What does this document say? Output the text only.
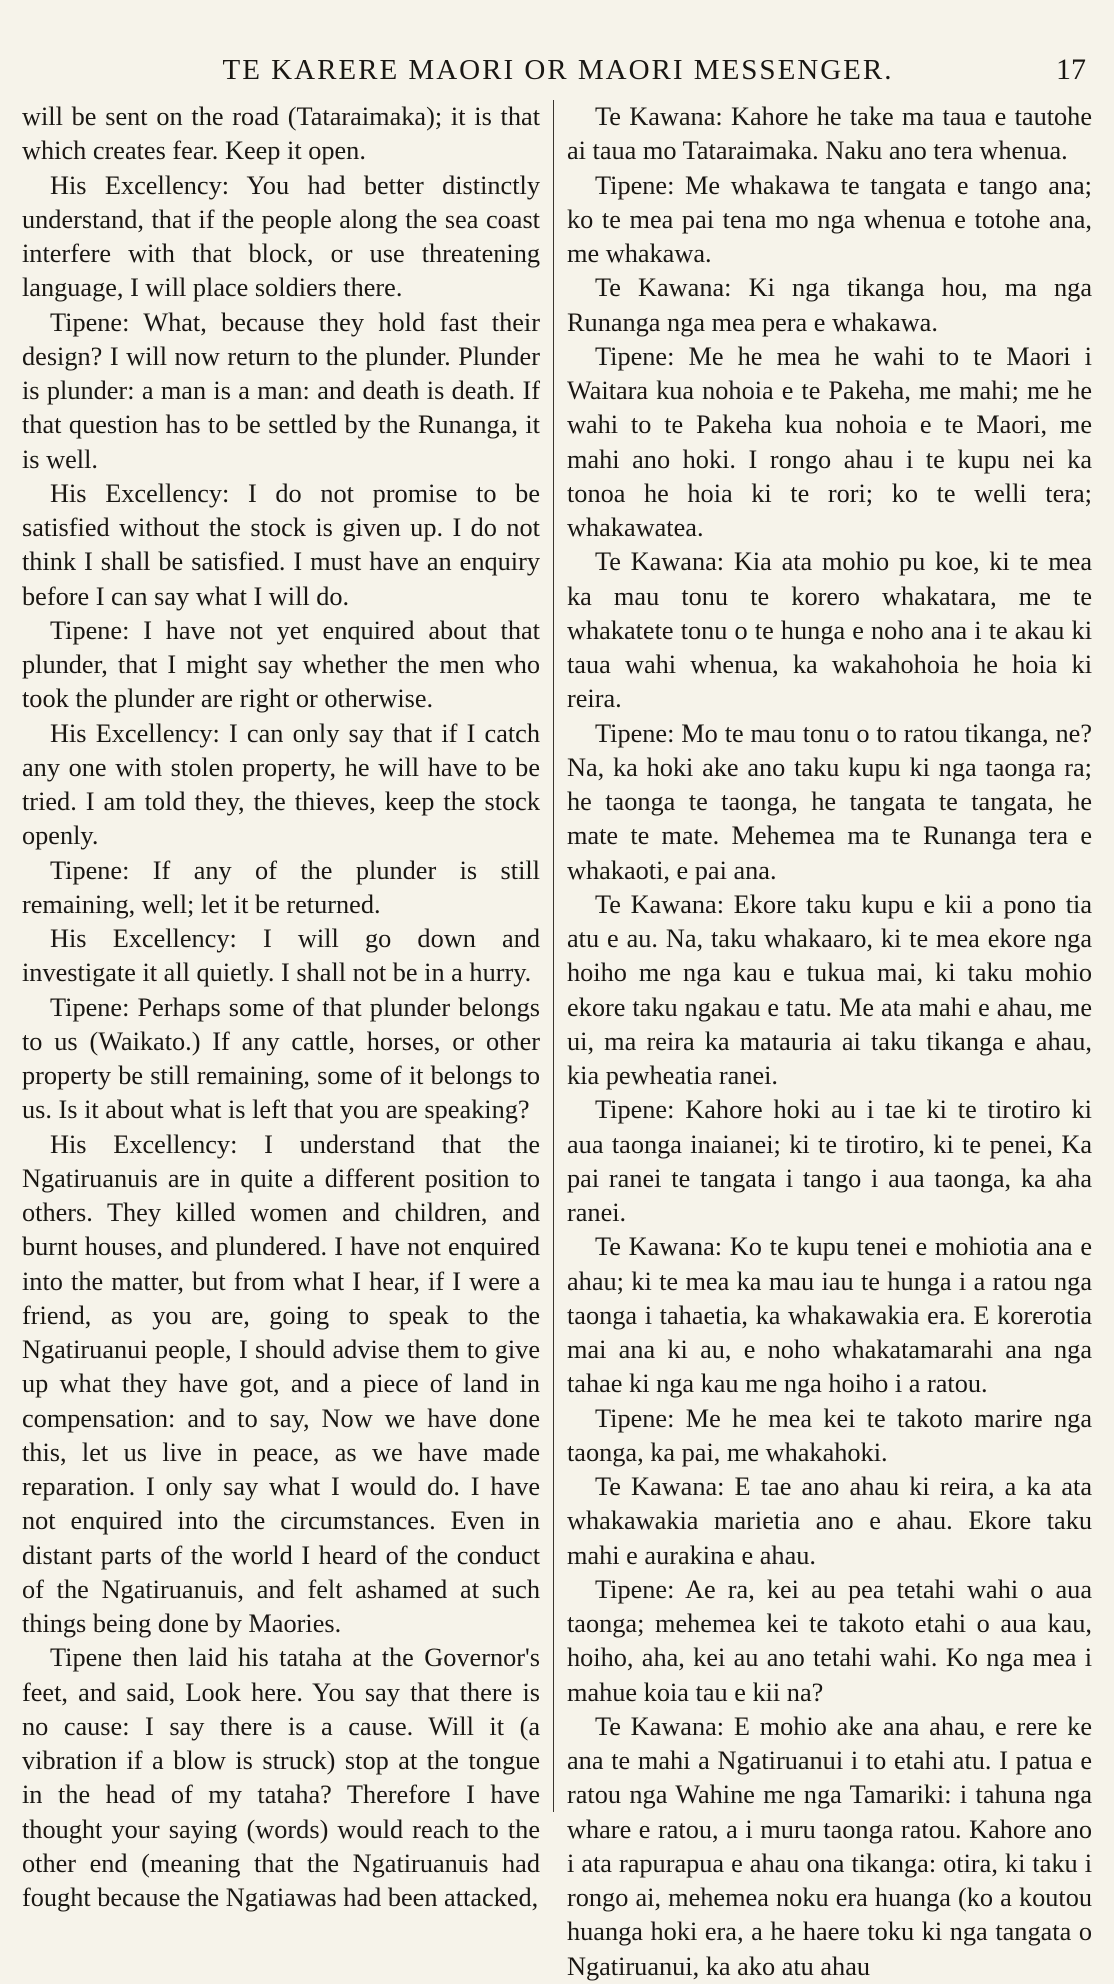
TE KARERE MAORI OR MAORI MESSENGER.	17

will be sent on the road (Tataraimaka); it is that which creates fear. Keep it open.

His Excellency: You had better distinctly understand, that if the people along the sea coast interfere with that block, or use threatening language, I will place soldiers there.

Tipene: What, because they hold fast their design? I will now return to the plunder. Plunder is plunder: a man is a man: and death is death. If that question has to be settled by the Runanga, it is well.

His Excellency: I do not promise to be satisfied without the stock is given up. I do not think I shall be satisfied. I must have an enquiry before I can say what I will do.

Tipene: I have not yet enquired about that plunder, that I might say whether the men who took the plunder are right or otherwise.

His Excellency: I can only say that if I catch any one with stolen property, he will have to be tried. I am told they, the thieves, keep the stock openly.

Tipene: If any of the plunder is still remaining, well; let it be returned.

His Excellency: I will go down and investigate it all quietly. I shall not be in a hurry.

Tipene: Perhaps some of that plunder belongs to us (Waikato.) If any cattle, horses, or other property be still remaining, some of it belongs to us. Is it about what is left that you are speaking?

His Excellency: I understand that the Ngatiruanuis are in quite a different position to others. They killed women and children, and burnt houses, and plundered. I have not enquired into the matter, but from what I hear, if I were a friend, as you are, going to speak to the Ngatiruanui people, I should advise them to give up what they have got, and a piece of land in compensation: and to say, Now we have done this, let us live in peace, as we have made reparation. I only say what I would do. I have not enquired into the circumstances. Even in distant parts of the world I heard of the conduct of the Ngatiruanuis, and felt ashamed at such things being done by Maories.

Tipene then laid his tataha at the Governor's feet, and said, Look here. You say that there is no cause: I say there is a cause. Will it (a vibration if a blow is struck) stop at the tongue in the head of my tataha? Therefore I have thought your saying (words) would reach to the other end (meaning that the Ngatiruanuis had fought because the Ngatiawas had been attacked,

Te Kawana: Kahore he take ma taua e tautohe ai taua mo Tataraimaka. Naku ano tera whenua.

Tipene: Me whakawa te tangata e tango ana; ko te mea pai tena mo nga whenua e totohe ana, me whakawa.

Te Kawana: Ki nga tikanga hou, ma nga Runanga nga mea pera e whakawa.

Tipene: Me he mea he wahi to te Maori i Waitara kua nohoia e te Pakeha, me mahi; me he wahi to te Pakeha kua nohoia e te Maori, me mahi ano hoki. I rongo ahau i te kupu nei ka tonoa he hoia ki te rori; ko te welli tera; whakawatea.

Te Kawana: Kia ata mohio pu koe, ki te mea ka mau tonu te korero whakatara, me te whakatete tonu o te hunga e noho ana i te akau ki taua wahi whenua, ka wakahohoia he hoia ki reira.

Tipene: Mo te mau tonu o to ratou tikanga, ne? Na, ka hoki ake ano taku kupu ki nga taonga ra; he taonga te taonga, he tangata te tangata, he mate te mate. Mehemea ma te Runanga tera e whakaoti, e pai ana.

Te Kawana: Ekore taku kupu e kii a pono tia atu e au. Na, taku whakaaro, ki te mea ekore nga hoiho me nga kau e tukua mai, ki taku mohio ekore taku ngakau e tatu. Me ata mahi e ahau, me ui, ma reira ka matauria ai taku tikanga e ahau, kia pewheatia ranei.

Tipene: Kahore hoki au i tae ki te tirotiro ki aua taonga inaianei; ki te tirotiro, ki te penei, Ka pai ranei te tangata i tango i aua taonga, ka aha ranei.

Te Kawana: Ko te kupu tenei e mohiotia ana e ahau; ki te mea ka mau iau te hunga i a ratou nga taonga i tahaetia, ka whakawakia era. E korerotia mai ana ki au, e noho whakatamarahi ana nga tahae ki nga kau me nga hoiho i a ratou.

Tipene: Me he mea kei te takoto marire nga taonga, ka pai, me whakahoki.

Te Kawana: E tae ano ahau ki reira, a ka ata whakawakia marietia ano e ahau. Ekore taku mahi e aurakina e ahau.

Tipene: Ae ra, kei au pea tetahi wahi o aua taonga; mehemea kei te takoto etahi o aua kau, hoiho, aha, kei au ano tetahi wahi. Ko nga mea i mahue koia tau e kii na?

Te Kawana: E mohio ake ana ahau, e rere ke ana te mahi a Ngatiruanui i to etahi atu. I patua e ratou nga Wahine me nga Tamariki: i tahuna nga whare e ratou, a i muru taonga ratou. Kahore ano i ata rapurapua e ahau ona tikanga: otira, ki taku i rongo ai, mehemea noku era huanga (ko a koutou huanga hoki era, a he haere toku ki nga tangata o Ngatiruanui, ka ako atu ahau
